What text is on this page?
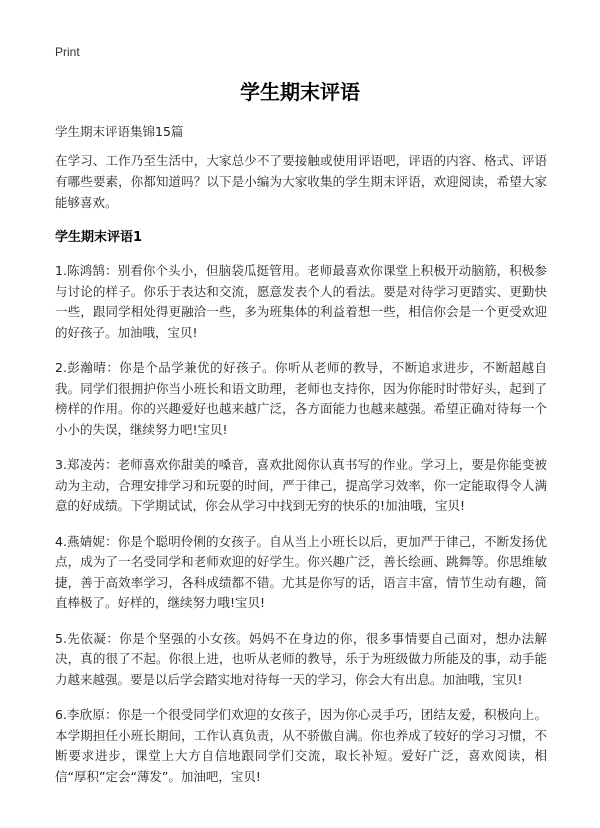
Print
学生期末评语

学生期末评语集锦15篇

在学习、工作乃至生活中，大家总少不了要接触或使用评语吧，评语的内容、格式、评语有哪些要素，你都知道吗？以下是小编为大家收集的学生期末评语，欢迎阅读，希望大家能够喜欢。

学生期末评语1

1.陈鸿鹄：别看你个头小，但脑袋瓜挺管用。老师最喜欢你课堂上积极开动脑筋，积极参与讨论的样子。你乐于表达和交流，愿意发表个人的看法。要是对待学习更踏实、更勤快一些，跟同学相处得更融洽一些，多为班集体的利益着想一些，相信你会是一个更受欢迎的好孩子。加油哦，宝贝!

2.彭瀚晴：你是个品学兼优的好孩子。你听从老师的教导，不断追求进步，不断超越自我。同学们很拥护你当小班长和语文助理，老师也支持你，因为你能时时带好头，起到了榜样的作用。你的兴趣爱好也越来越广泛，各方面能力也越来越强。希望正确对待每一个小小的失误，继续努力吧!宝贝!

3.郑凌芮：老师喜欢你甜美的嗓音，喜欢批阅你认真书写的作业。学习上，要是你能变被动为主动，合理安排学习和玩耍的时间，严于律己，提高学习效率，你一定能取得令人满意的好成绩。下学期试试，你会从学习中找到无穷的快乐的!加油哦，宝贝!

4.燕婧妮：你是个聪明伶俐的女孩子。自从当上小班长以后，更加严于律己，不断发扬优点，成为了一名受同学和老师欢迎的好学生。你兴趣广泛，善长绘画、跳舞等。你思维敏捷，善于高效率学习，各科成绩都不错。尤其是你写的话，语言丰富，情节生动有趣，简直棒极了。好样的，继续努力哦!宝贝!

5.先依凝：你是个坚强的小女孩。妈妈不在身边的你，很多事情要自己面对，想办法解决，真的很了不起。你很上进，也听从老师的教导，乐于为班级做力所能及的事，动手能力越来越强。要是以后学会踏实地对待每一天的学习，你会大有出息。加油哦，宝贝!

6.李欣原：你是一个很受同学们欢迎的女孩子，因为你心灵手巧，团结友爱，积极向上。本学期担任小班长期间，工作认真负责，从不骄傲自满。你也养成了较好的学习习惯，不断要求进步，课堂上大方自信地跟同学们交流，取长补短。爱好广泛，喜欢阅读，相信“厚积”定会“薄发”。加油吧，宝贝!
